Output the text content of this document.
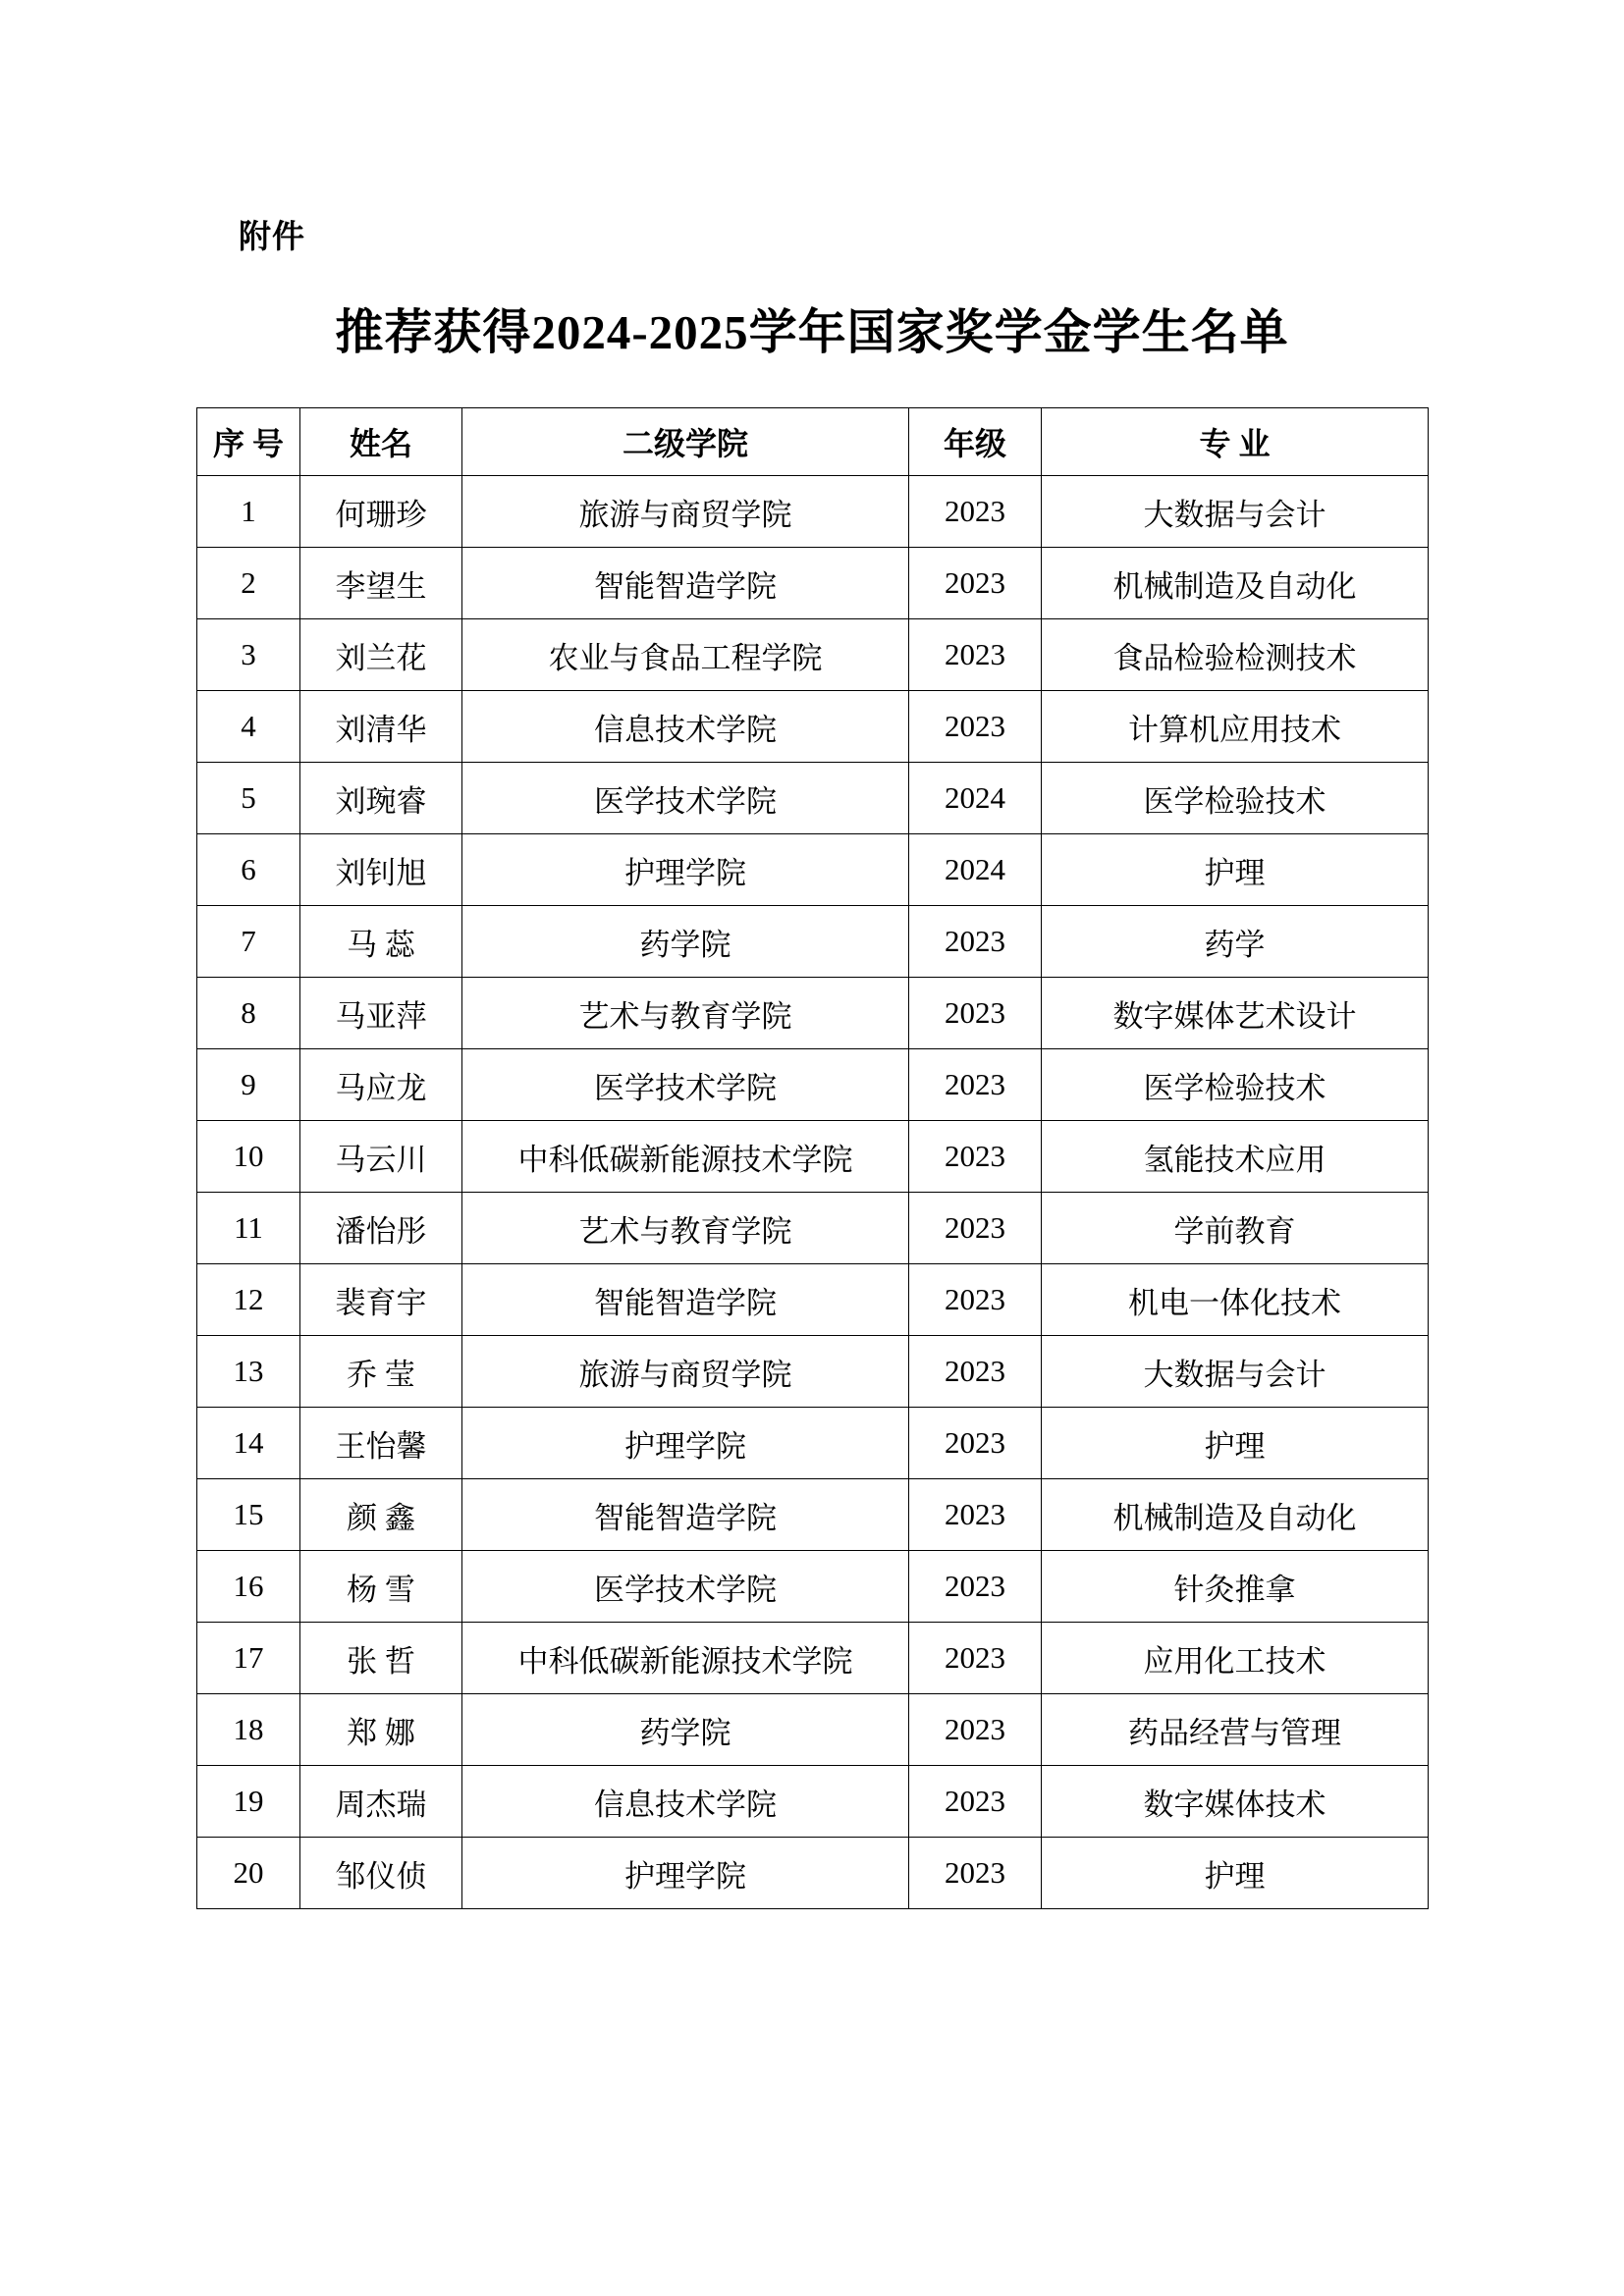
附件
推荐获得2024-2025学年国家奖学金学生名单
序 号	姓名	二级学院	年级	专 业
1	何珊珍	旅游与商贸学院	2023	大数据与会计
2	李望生	智能智造学院	2023	机械制造及自动化
3	刘兰花	农业与食品工程学院	2023	食品检验检测技术
4	刘清华	信息技术学院	2023	计算机应用技术
5	刘琬睿	医学技术学院	2024	医学检验技术
6	刘钊旭	护理学院	2024	护理
7	马 蕊	药学院	2023	药学
8	马亚萍	艺术与教育学院	2023	数字媒体艺术设计
9	马应龙	医学技术学院	2023	医学检验技术
10	马云川	中科低碳新能源技术学院	2023	氢能技术应用
11	潘怡彤	艺术与教育学院	2023	学前教育
12	裴育宇	智能智造学院	2023	机电一体化技术
13	乔 莹	旅游与商贸学院	2023	大数据与会计
14	王怡馨	护理学院	2023	护理
15	颜 鑫	智能智造学院	2023	机械制造及自动化
16	杨 雪	医学技术学院	2023	针灸推拿
17	张 哲	中科低碳新能源技术学院	2023	应用化工技术
18	郑 娜	药学院	2023	药品经营与管理
19	周杰瑞	信息技术学院	2023	数字媒体技术
20	邹仪侦	护理学院	2023	护理
